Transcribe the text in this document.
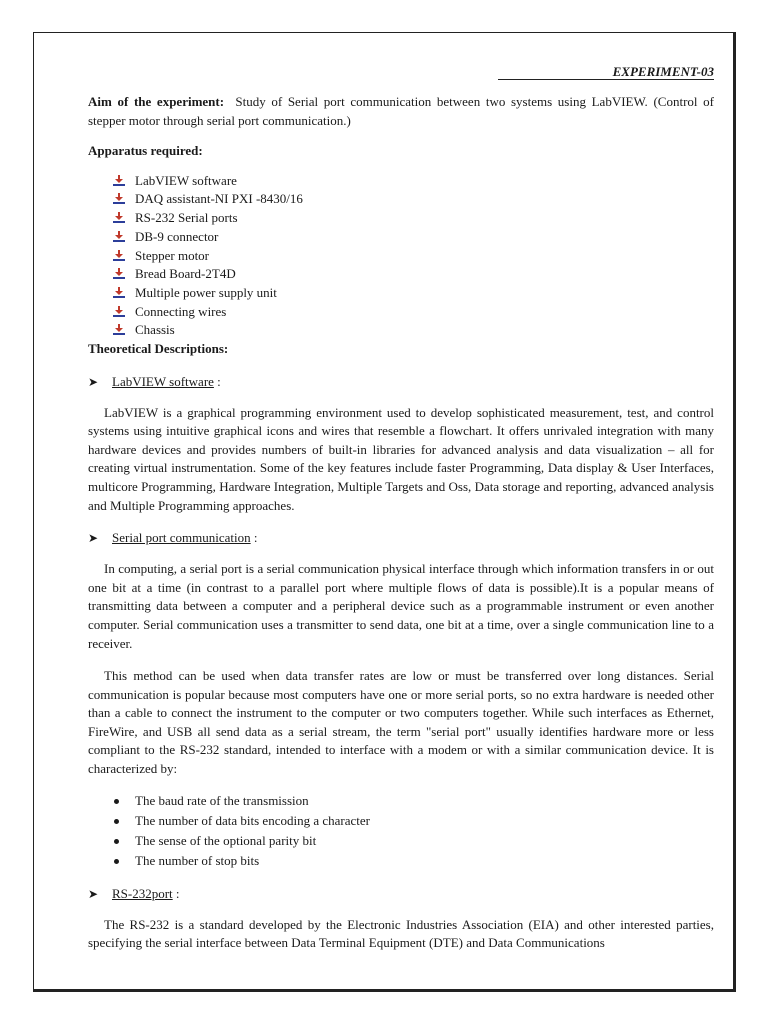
EXPERIMENT-03

Aim of the experiment: Study of Serial port communication between two systems using LabVIEW. (Control of stepper motor through serial port communication.)

Apparatus required:
LabVIEW software
DAQ assistant-NI PXI -8430/16
RS-232 Serial ports
DB-9 connector
Stepper motor
Bread Board-2T4D
Multiple power supply unit
Connecting wires
Chassis
Theoretical Descriptions:
➤ LabVIEW software :

LabVIEW is a graphical programming environment used to develop sophisticated measurement, test, and control systems using intuitive graphical icons and wires that resemble a flowchart. It offers unrivaled integration with many hardware devices and provides numbers of built-in libraries for advanced analysis and data visualization – all for creating virtual instrumentation. Some of the key features include faster Programming, Data display & User Interfaces, multicore Programming, Hardware Integration, Multiple Targets and Oss, Data storage and reporting, advanced analysis and Multiple Programming approaches.

➤ Serial port communication :

In computing, a serial port is a serial communication physical interface through which information transfers in or out one bit at a time (in contrast to a parallel port where multiple flows of data is possible).It is a popular means of transmitting data between a computer and a peripheral device such as a programmable instrument or even another computer. Serial communication uses a transmitter to send data, one bit at a time, over a single communication line to a receiver.

This method can be used when data transfer rates are low or must be transferred over long distances. Serial communication is popular because most computers have one or more serial ports, so no extra hardware is needed other than a cable to connect the instrument to the computer or two computers together. While such interfaces as Ethernet, FireWire, and USB all send data as a serial stream, the term "serial port" usually identifies hardware more or less compliant to the RS-232 standard, intended to interface with a modem or with a similar communication device. It is characterized by:

The baud rate of the transmission
The number of data bits encoding a character
The sense of the optional parity bit
The number of stop bits
➤ RS-232port :

The RS-232 is a standard developed by the Electronic Industries Association (EIA) and other interested parties, specifying the serial interface between Data Terminal Equipment (DTE) and Data Communications
